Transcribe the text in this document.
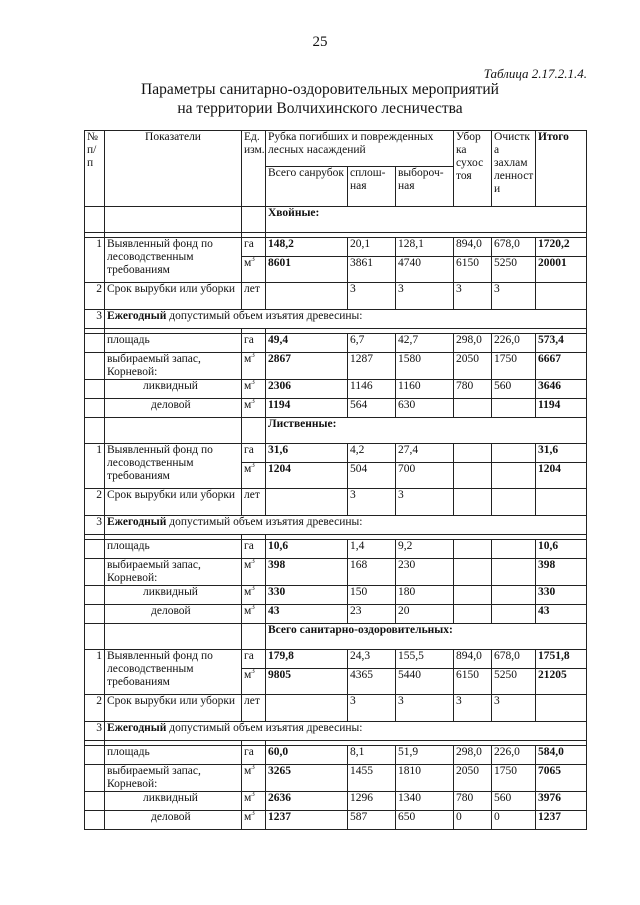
25
Таблица 2.17.2.1.4.
Параметры санитарно-оздоровительных мероприятий
на территории Волчихинского лесничества
№ п/п	Показатели	Ед. изм.	Рубка погибших и поврежденных лесных насаждений			Убор ка сухос тоя	Очистк а захлам ленност и	Итого
			Всего санрубок	сплош-ная	выбороч-ная			
			Хвойные:					

1	Выявленный фонд по лесоводственным требованиям	га	148,2	20,1	128,1	894,0	678,0	1720,2
		$м^3$	8601	3861	4740	6150	5250	20001
2	Срок вырубки или уборки	лет		3	3	3	3	
3	Ежегодный допустимый объем изъятия древесины:							

	площадь	га	49,4	6,7	42,7	298,0	226,0	573,4
	выбираемый запас, Корневой:	$м^3$	2867	1287	1580	2050	1750	6667
	ликвидный	$м^3$	2306	1146	1160	780	560	3646
	деловой	$м^3$	1194	564	630			1194
			Лиственные:					
1	Выявленный фонд по лесоводственным требованиям	га	31,6	4,2	27,4			31,6
		$м^3$	1204	504	700			1204
2	Срок вырубки или уборки	лет		3	3			
3	Ежегодный допустимый объем изъятия древесины:							

	площадь	га	10,6	1,4	9,2			10,6
	выбираемый запас, Корневой:	$м^3$	398	168	230			398
	ликвидный	$м^3$	330	150	180			330
	деловой	$м^3$	43	23	20			43
			Всего санитарно-оздоровительных:					
1	Выявленный фонд по лесоводственным требованиям	га	179,8	24,3	155,5	894,0	678,0	1751,8
		$м^3$	9805	4365	5440	6150	5250	21205
2	Срок вырубки или уборки	лет		3	3	3	3	
3	Ежегодный допустимый объем изъятия древесины:							

	площадь	га	60,0	8,1	51,9	298,0	226,0	584,0
	выбираемый запас, Корневой:	$м^3$	3265	1455	1810	2050	1750	7065
	ликвидный	$м^3$	2636	1296	1340	780	560	3976
	деловой	$м^3$	1237	587	650	0	0	1237
